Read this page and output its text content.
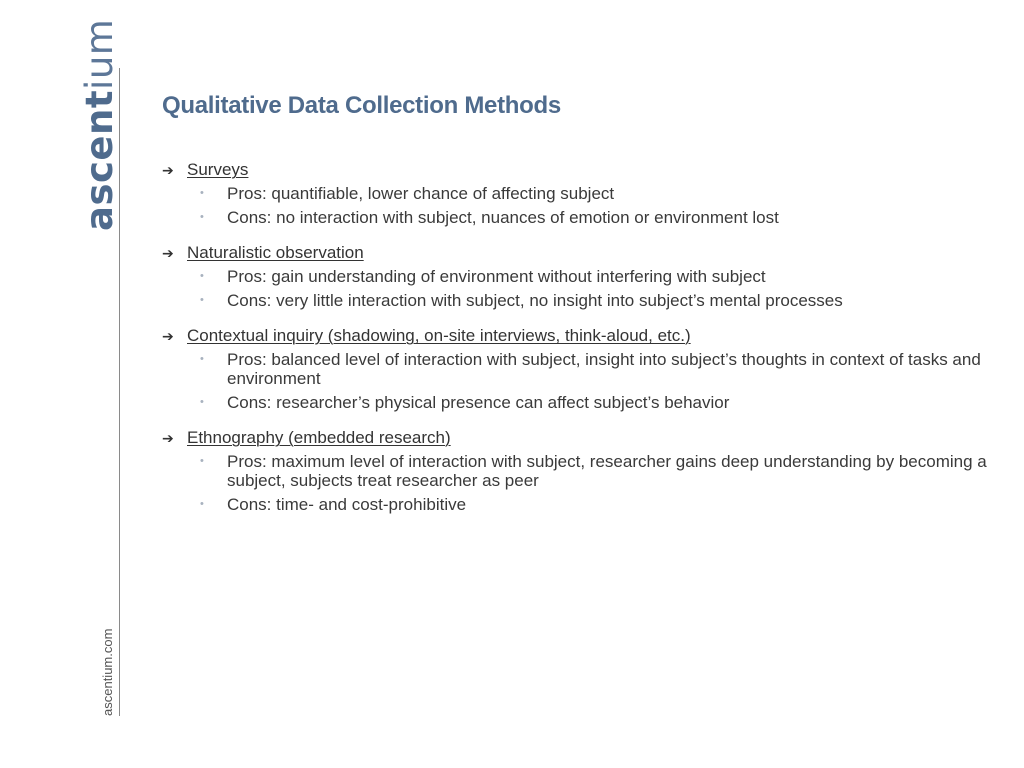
ascentium
ascentium.com
Qualitative Data Collection Methods
➔ Surveys
• Pros: quantifiable, lower chance of affecting subject
• Cons: no interaction with subject, nuances of emotion or environment lost
➔ Naturalistic observation
• Pros: gain understanding of environment without interfering with subject
• Cons: very little interaction with subject, no insight into subject’s mental processes
➔ Contextual inquiry (shadowing, on-site interviews, think-aloud, etc.)
• Pros: balanced level of interaction with subject, insight into subject’s thoughts in context of tasks and environment
• Cons: researcher’s physical presence can affect subject’s behavior
➔ Ethnography (embedded research)
• Pros: maximum level of interaction with subject, researcher gains deep understanding by becoming a subject, subjects treat researcher as peer
• Cons: time- and cost-prohibitive
